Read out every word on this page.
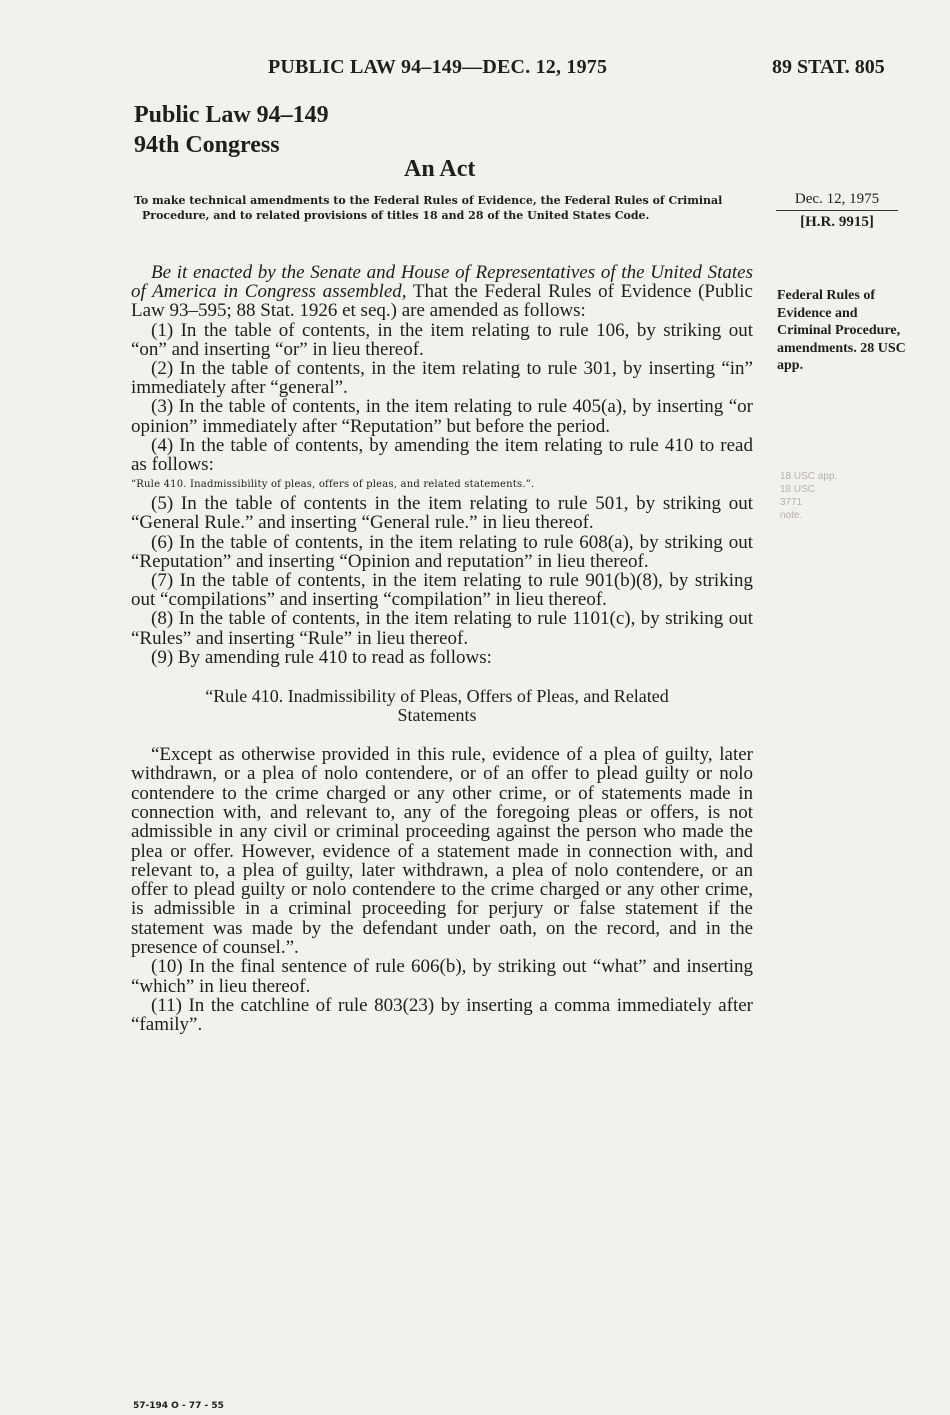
PUBLIC LAW 94–149—DEC. 12, 1975	89 STAT. 805
Public Law 94–149
94th Congress
An Act
To make technical amendments to the Federal Rules of Evidence, the Federal Rules of Criminal Procedure, and to related provisions of titles 18 and 28 of the United States Code.
Dec. 12, 1975
[H.R. 9915]
Federal Rules of Evidence and Criminal Procedure, amendments. 28 USC app.
18 USC app.
18 USC 3771
note.

Be it enacted by the Senate and House of Representatives of the United States of America in Congress assembled, That the Federal Rules of Evidence (Public Law 93–595; 88 Stat. 1926 et seq.) are amended as follows:

(1) In the table of contents, in the item relating to rule 106, by striking out “on” and inserting “or” in lieu thereof.

(2) In the table of contents, in the item relating to rule 301, by inserting “in” immediately after “general”.

(3) In the table of contents, in the item relating to rule 405(a), by inserting “or opinion” immediately after “Reputation” but before the period.

(4) In the table of contents, by amending the item relating to rule 410 to read as follows:

“Rule 410. Inadmissibility of pleas, offers of pleas, and related statements.”.

(5) In the table of contents in the item relating to rule 501, by striking out “General Rule.” and inserting “General rule.” in lieu thereof.

(6) In the table of contents, in the item relating to rule 608(a), by striking out “Reputation” and inserting “Opinion and reputation” in lieu thereof.

(7) In the table of contents, in the item relating to rule 901(b)(8), by striking out “compilations” and inserting “compilation” in lieu thereof.

(8) In the table of contents, in the item relating to rule 1101(c), by striking out “Rules” and inserting “Rule” in lieu thereof.

(9) By amending rule 410 to read as follows:

“Rule 410. Inadmissibility of Pleas, Offers of Pleas, and Related
Statements

“Except as otherwise provided in this rule, evidence of a plea of guilty, later withdrawn, or a plea of nolo contendere, or of an offer to plead guilty or nolo contendere to the crime charged or any other crime, or of statements made in connection with, and relevant to, any of the foregoing pleas or offers, is not admissible in any civil or criminal proceeding against the person who made the plea or offer. However, evidence of a statement made in connection with, and relevant to, a plea of guilty, later withdrawn, a plea of nolo contendere, or an offer to plead guilty or nolo contendere to the crime charged or any other crime, is admissible in a criminal proceeding for perjury or false statement if the statement was made by the defendant under oath, on the record, and in the presence of counsel.”.

(10) In the final sentence of rule 606(b), by striking out “what” and inserting “which” in lieu thereof.

(11) In the catchline of rule 803(23) by inserting a comma immediately after “family”.

57-194 O - 77 - 55
